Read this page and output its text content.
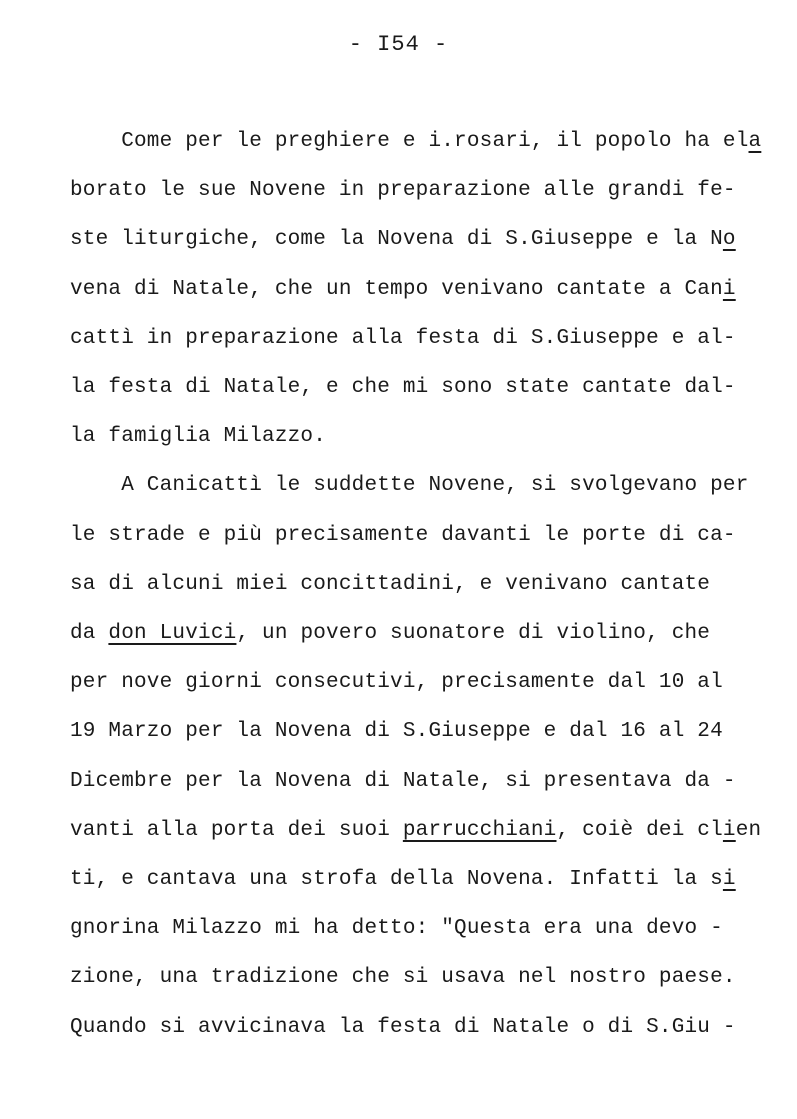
- I54 -
Come per le preghiere e i.rosari, il popolo ha ela
borato le sue Novene in preparazione alle grandi fe-
ste liturgiche, come la Novena di S.Giuseppe e la No
vena di Natale, che un tempo venivano cantate a Cani
cattì in preparazione alla festa di S.Giuseppe e al-
la festa di Natale, e che mi sono state cantate dal-
la famiglia Milazzo.
A Canicattì le suddette Novene, si svolgevano per
le strade e più precisamente davanti le porte di ca-
sa di alcuni miei concittadini, e venivano cantate
da don Luvici, un povero suonatore di violino, che
per nove giorni consecutivi, precisamente dal 10 al
19 Marzo per la Novena di S.Giuseppe e dal 16 al 24
Dicembre per la Novena di Natale, si presentava da -
vanti alla porta dei suoi parrucchiani, coiè dei clien
ti, e cantava una strofa della Novena. Infatti la si
gnorina Milazzo mi ha detto: "Questa era una devo -
zione, una tradizione che si usava nel nostro paese.
Quando si avvicinava la festa di Natale o di S.Giu -
